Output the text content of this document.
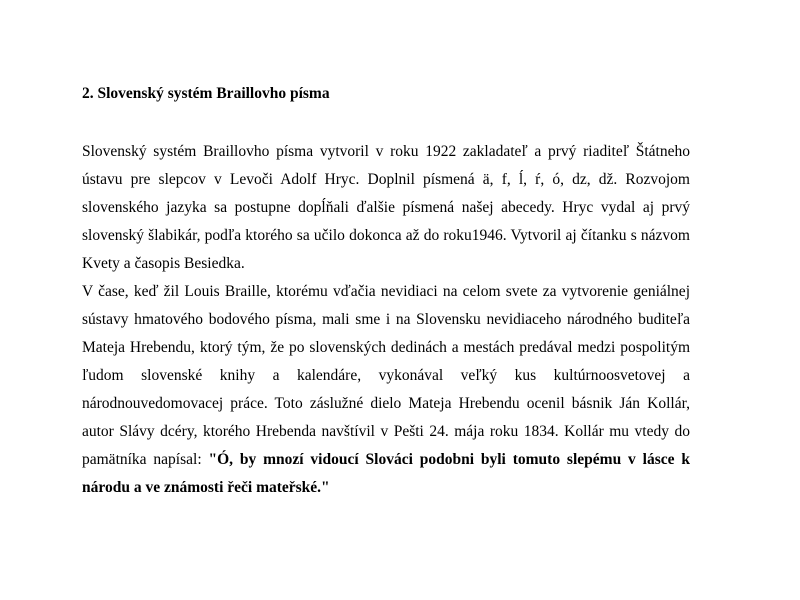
2. Slovenský systém Braillovho písma

Slovenský systém Braillovho písma vytvoril v roku 1922 zakladateľ a prvý riaditeľ Štátneho ústavu pre slepcov v Levoči Adolf Hryc. Doplnil písmená ä, f, ĺ, ŕ, ó, dz, dž. Rozvojom slovenského jazyka sa postupne dopĺňali ďalšie písmená našej abecedy. Hryc vydal aj prvý slovenský šlabikár, podľa ktorého sa učilo dokonca až do roku1946. Vytvoril aj čítanku s názvom Kvety a časopis Besiedka.

V čase, keď žil Louis Braille, ktorému vďačia nevidiaci na celom svete za vytvorenie geniálnej sústavy hmatového bodového písma, mali sme i na Slovensku nevidiaceho národného buditeľa Mateja Hrebendu, ktorý tým, že po slovenských dedinách a mestách predával medzi pospolitým ľudom slovenské knihy a kalendáre, vykonával veľký kus kultúrnoosvetovej a národnouvedomovacej práce. Toto záslužné dielo Mateja Hrebendu ocenil básnik Ján Kollár, autor Slávy dcéry, ktorého Hrebenda navštívil v Pešti 24. mája roku 1834. Kollár mu vtedy do pamätníka napísal: "Ó, by mnozí vidoucí Slováci podobni byli tomuto slepému v lásce k národu a ve známosti řeči mateřské."
